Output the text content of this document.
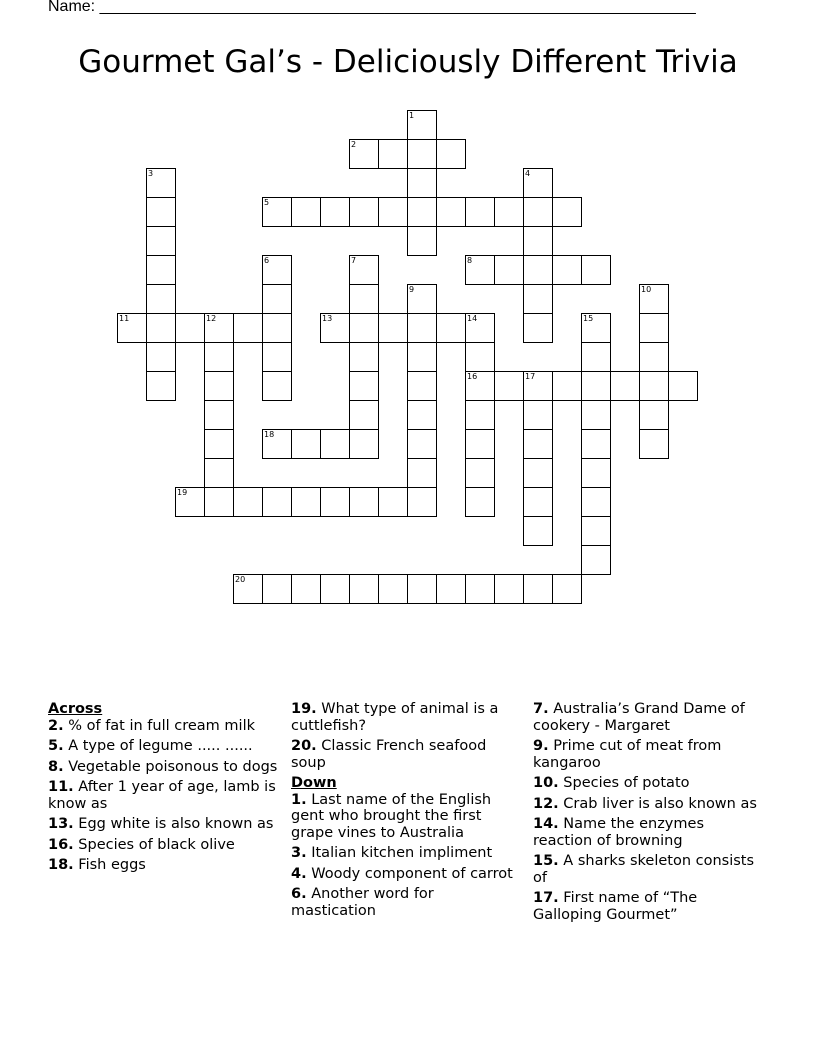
Name: ___________________________________________________________________
Gourmet Gal’s - Deliciously Different Trivia
1
2
3	4
5
6	7	8
9	10
11	12	13	14
16
15
17
18
19
20
Across
2. % of fat in full cream milk
5. A type of legume ..... ......
8. Vegetable poisonous to dogs
11. After 1 year of age, lamb is know as
13. Egg white is also known as
16. Species of black olive
18. Fish eggs
19. What type of animal is a cuttlefish?
20. Classic French seafood soup
Down
1. Last name of the English gent who brought the first grape vines to Australia
3. Italian kitchen impliment
4. Woody component of carrot
6. Another word for mastication
7. Australia’s Grand Dame of cookery - Margaret
9. Prime cut of meat from kangaroo
10. Species of potato
12. Crab liver is also known as
14. Name the enzymes reaction of browning
15. A sharks skeleton consists of
17. First name of “The Galloping Gourmet”
